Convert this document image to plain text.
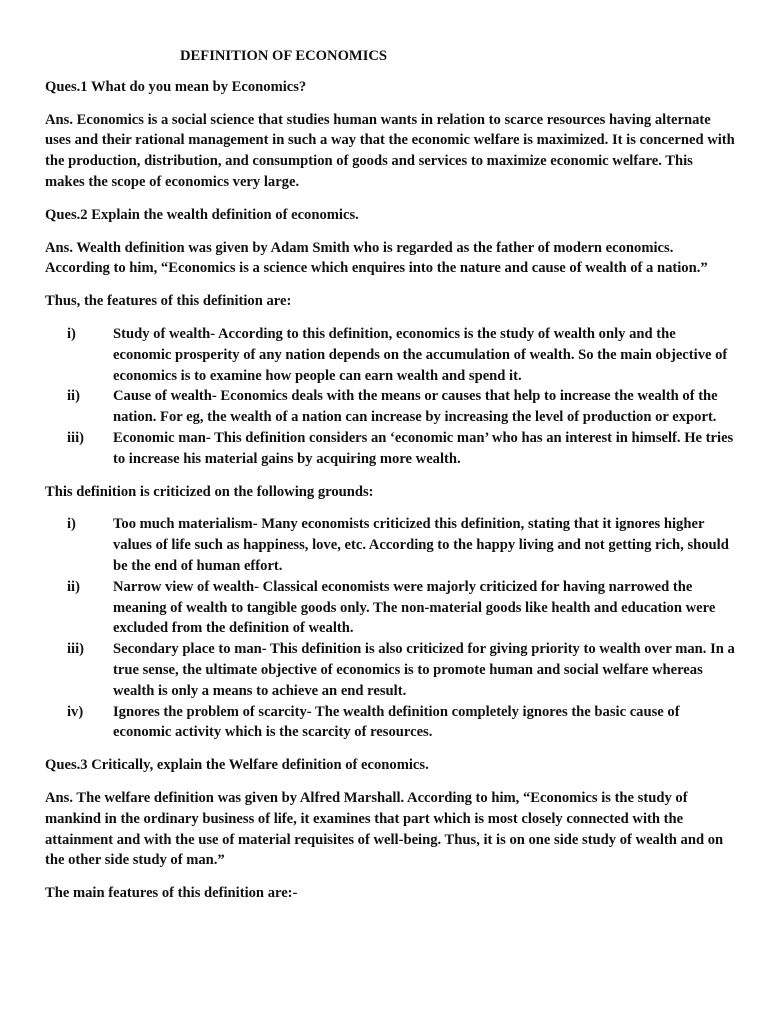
DEFINITION OF ECONOMICS

Ques.1 What do you mean by Economics?

Ans. Economics is a social science that studies human wants in relation to scarce resources having alternate uses and their rational management in such a way that the economic welfare is maximized. It is concerned with the production, distribution, and consumption of goods and services to maximize economic welfare. This makes the scope of economics very large.

Ques.2 Explain the wealth definition of economics.

Ans. Wealth definition was given by Adam Smith who is regarded as the father of modern economics. According to him, “Economics is a science which enquires into the nature and cause of wealth of a nation.”

Thus, the features of this definition are:

i)	Study of wealth- According to this definition, economics is the study of wealth only and the economic prosperity of any nation depends on the accumulation of wealth. So the main objective of economics is to examine how people can earn wealth and spend it.
ii)	Cause of wealth- Economics deals with the means or causes that help to increase the wealth of the nation. For eg, the wealth of a nation can increase by increasing the level of production or export.
iii)	Economic man- This definition considers an ‘economic man’ who has an interest in himself. He tries to increase his material gains by acquiring more wealth.

This definition is criticized on the following grounds:

i)	Too much materialism- Many economists criticized this definition, stating that it ignores higher values of life such as happiness, love, etc. According to the happy living and not getting rich, should be the end of human effort.
ii)	Narrow view of wealth- Classical economists were majorly criticized for having narrowed the meaning of wealth to tangible goods only. The non-material goods like health and education were excluded from the definition of wealth.
iii)	Secondary place to man- This definition is also criticized for giving priority to wealth over man. In a true sense, the ultimate objective of economics is to promote human and social welfare whereas wealth is only a means to achieve an end result.
iv)	Ignores the problem of scarcity- The wealth definition completely ignores the basic cause of economic activity which is the scarcity of resources.

Ques.3 Critically, explain the Welfare definition of economics.

Ans. The welfare definition was given by Alfred Marshall. According to him, “Economics is the study of mankind in the ordinary business of life, it examines that part which is most closely connected with the attainment and with the use of material requisites of well-being. Thus, it is on one side study of wealth and on the other side study of man.”

The main features of this definition are:-
